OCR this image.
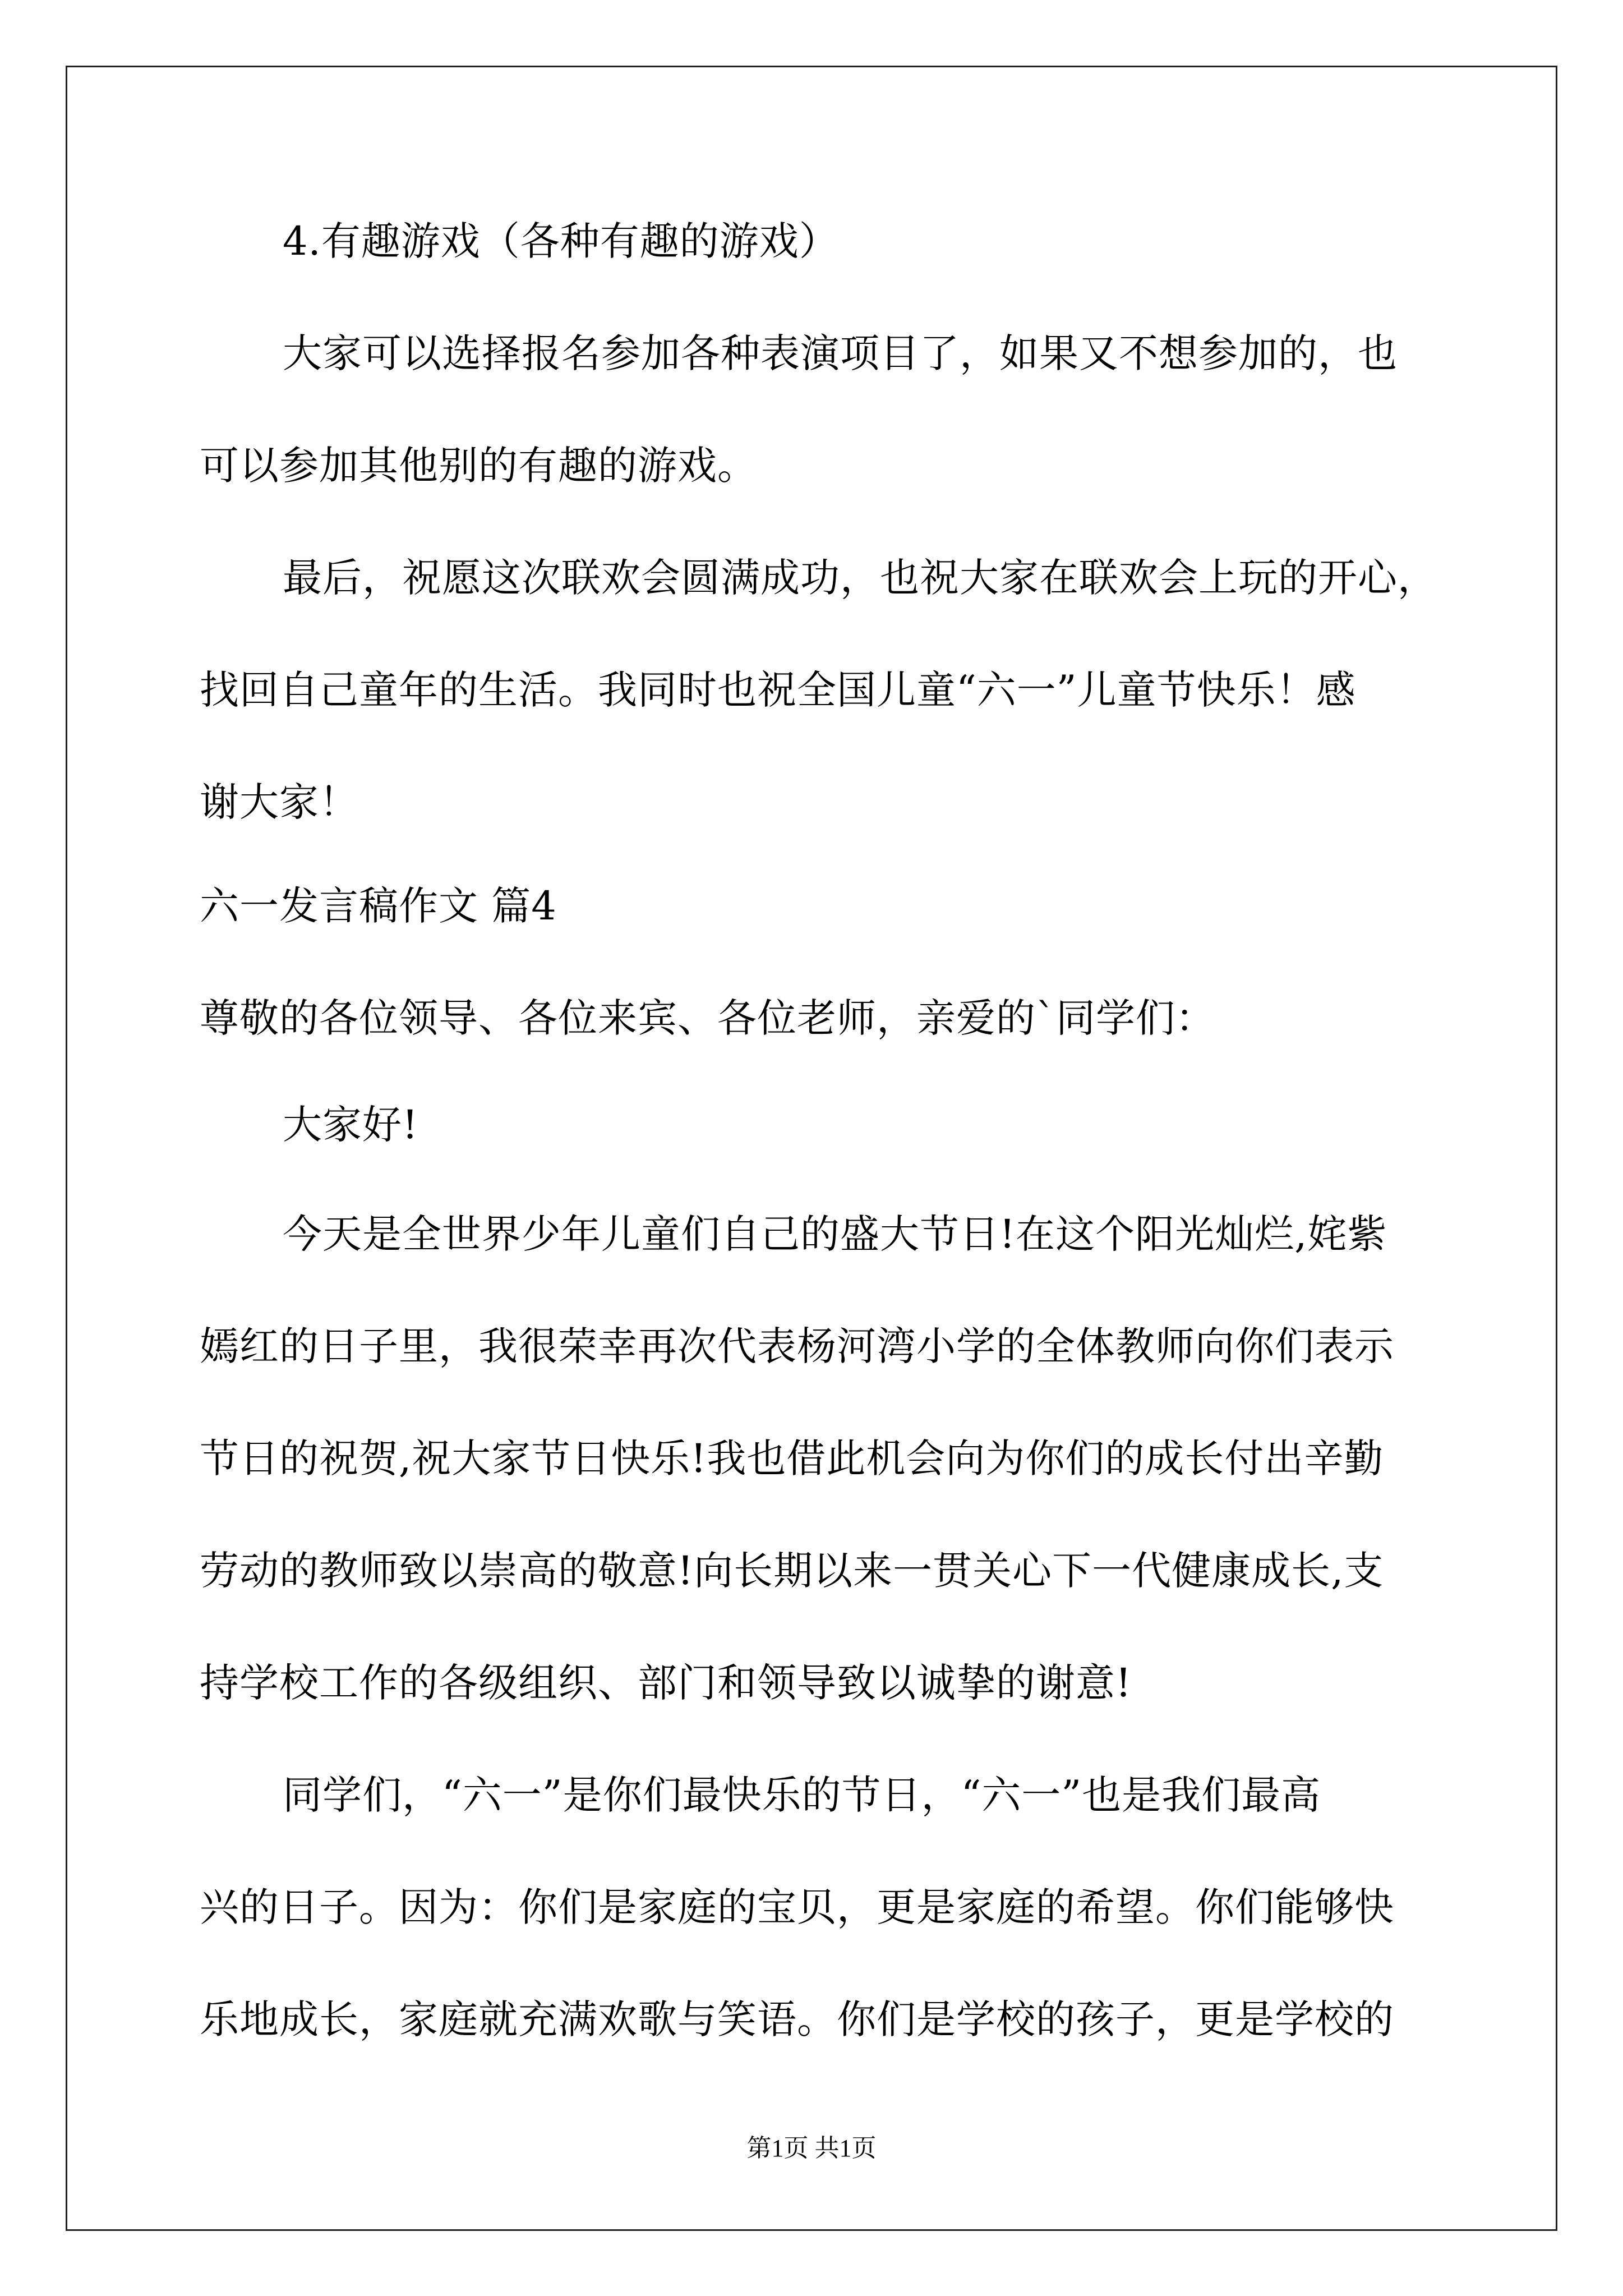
4.有趣游戏（各种有趣的游戏）
大家可以选择报名参加各种表演项目了，如果又不想参加的，也
可以参加其他别的有趣的游戏。
最后，祝愿这次联欢会圆满成功，也祝大家在联欢会上玩的开心，
找回自己童年的生活。我同时也祝全国儿童“六一”儿童节快乐！感
谢大家！
六一发言稿作文 篇4
尊敬的各位领导、各位来宾、各位老师，亲爱的`同学们：
大家好!
今天是全世界少年儿童们自己的盛大节日!在这个阳光灿烂,姹紫
嫣红的日子里，我很荣幸再次代表杨河湾小学的全体教师向你们表示
节日的祝贺,祝大家节日快乐!我也借此机会向为你们的成长付出辛勤
劳动的教师致以崇高的敬意!向长期以来一贯关心下一代健康成长,支
持学校工作的各级组织、部门和领导致以诚挚的谢意!
同学们，“六一”是你们最快乐的节日，“六一”也是我们最高
兴的日子。因为：你们是家庭的宝贝，更是家庭的希望。你们能够快
乐地成长，家庭就充满欢歌与笑语。你们是学校的孩子，更是学校的
第1页 共1页
